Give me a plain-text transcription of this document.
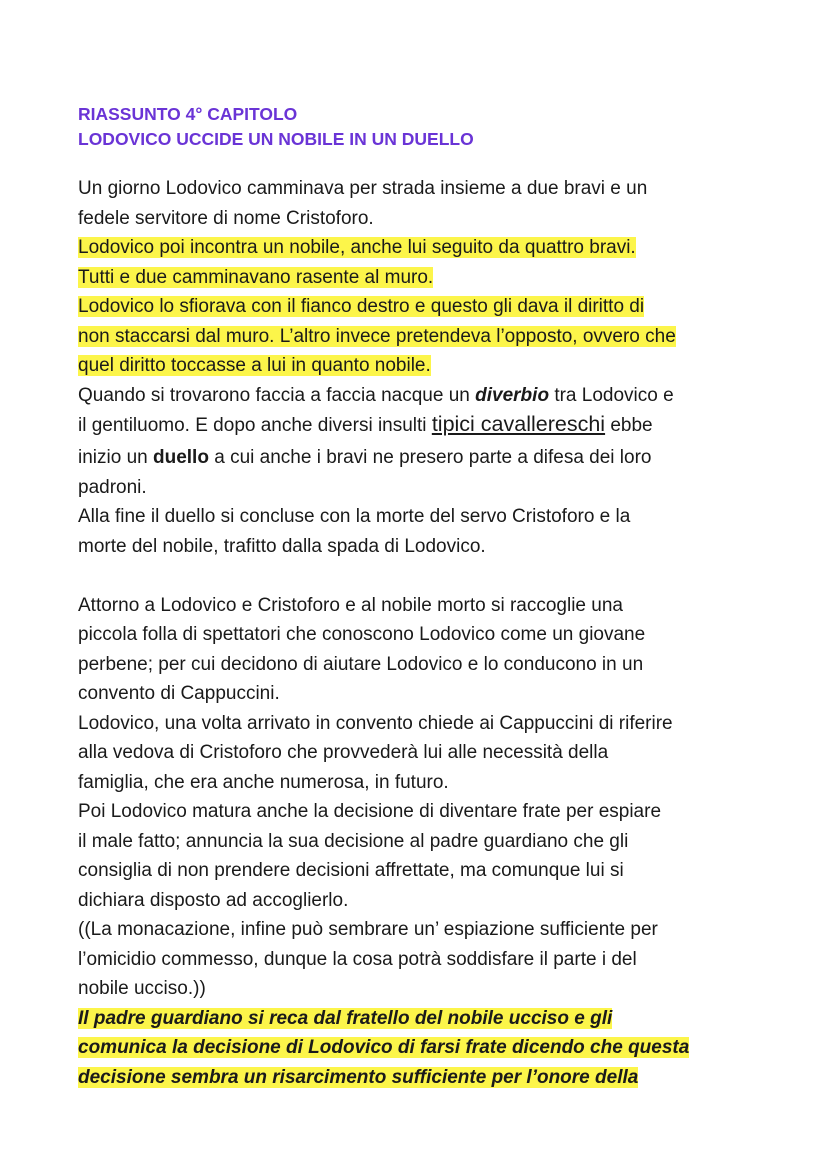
RIASSUNTO 4° CAPITOLO
LODOVICO UCCIDE UN NOBILE IN UN DUELLO
Un giorno Lodovico camminava per strada insieme a due bravi e un
fedele servitore di nome Cristoforo.
Lodovico poi incontra un nobile, anche lui seguito da quattro bravi.
Tutti e due camminavano rasente al muro.
Lodovico lo sfiorava con il fianco destro e questo gli dava il diritto di
non staccarsi dal muro. L’altro invece pretendeva l’opposto, ovvero che
quel diritto toccasse a lui in quanto nobile.
Quando si trovarono faccia a faccia nacque un diverbio tra Lodovico e
il gentiluomo. E dopo anche diversi insulti tipici cavallereschi ebbe
inizio un duello a cui anche i bravi ne presero parte a difesa dei loro
padroni.
Alla fine il duello si concluse con la morte del servo Cristoforo e la
morte del nobile, trafitto dalla spada di Lodovico.
Attorno a Lodovico e Cristoforo e al nobile morto si raccoglie una
piccola folla di spettatori che conoscono Lodovico come un giovane
perbene; per cui decidono di aiutare Lodovico e lo conducono in un
convento di Cappuccini.
Lodovico, una volta arrivato in convento chiede ai Cappuccini di riferire
alla vedova di Cristoforo che provvederà lui alle necessità della
famiglia, che era anche numerosa, in futuro.
Poi Lodovico matura anche la decisione di diventare frate per espiare
il male fatto; annuncia la sua decisione al padre guardiano che gli
consiglia di non prendere decisioni affrettate, ma comunque lui si
dichiara disposto ad accoglierlo.
((La monacazione, infine può sembrare un’ espiazione sufficiente per
l’omicidio commesso, dunque la cosa potrà soddisfare il parte i del
nobile ucciso.))
Il padre guardiano si reca dal fratello del nobile ucciso e gli
comunica la decisione di Lodovico di farsi frate dicendo che questa
decisione sembra un risarcimento sufficiente per l’onore della
